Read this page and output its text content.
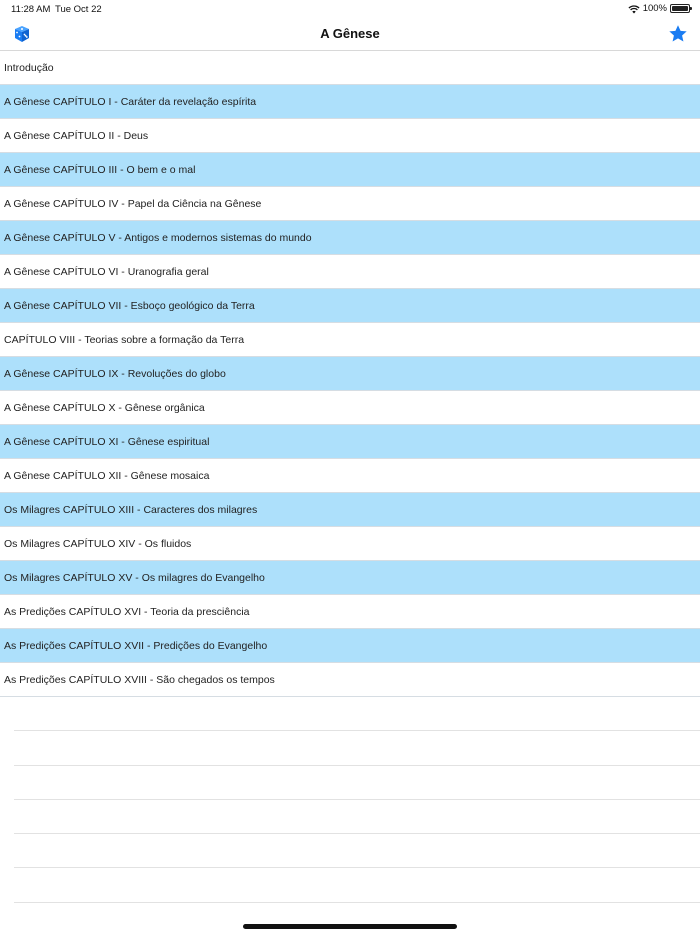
11:28 AM Tue Oct 22	100%
A Gênese
Introdução
A Gênese CAPÍTULO I - Caráter da revelação espírita
A Gênese CAPÍTULO II - Deus
A Gênese CAPÍTULO III - O bem e o mal
A Gênese CAPÍTULO IV - Papel da Ciência na Gênese
A Gênese CAPÍTULO V - Antigos e modernos sistemas do mundo
A Gênese CAPÍTULO VI - Uranografia geral
A Gênese CAPÍTULO VII - Esboço geológico da Terra
CAPÍTULO VIII - Teorias sobre a formação da Terra
A Gênese CAPÍTULO IX - Revoluções do globo
A Gênese CAPÍTULO X - Gênese orgânica
A Gênese CAPÍTULO XI - Gênese espiritual
A Gênese CAPÍTULO XII - Gênese mosaica
Os Milagres CAPÍTULO XIII - Caracteres dos milagres
Os Milagres CAPÍTULO XIV - Os fluidos
Os Milagres CAPÍTULO XV - Os milagres do Evangelho
As Predições CAPÍTULO XVI - Teoria da presciência
As Predições CAPÍTULO XVII - Predições do Evangelho
As Predições CAPÍTULO XVIII - São chegados os tempos
